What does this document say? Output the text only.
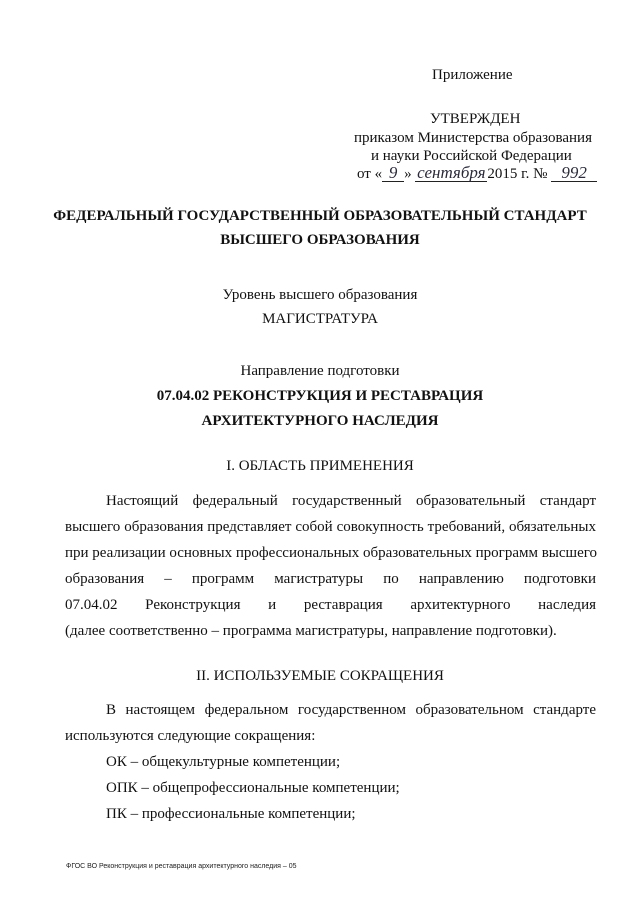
Приложение
УТВЕРЖДЕН
приказом Министерства образования
и науки Российской Федерации
от « 9 » сентября 2015 г. № 992
ФЕДЕРАЛЬНЫЙ ГОСУДАРСТВЕННЫЙ ОБРАЗОВАТЕЛЬНЫЙ СТАНДАРТ
ВЫСШЕГО ОБРАЗОВАНИЯ
Уровень высшего образования
МАГИСТРАТУРА
Направление подготовки
07.04.02 РЕКОНСТРУКЦИЯ И РЕСТАВРАЦИЯ
АРХИТЕКТУРНОГО НАСЛЕДИЯ
I. ОБЛАСТЬ ПРИМЕНЕНИЯ
Настоящий федеральный государственный образовательный стандарт
высшего образования представляет собой совокупность требований, обязательных
при реализации основных профессиональных образовательных программ высшего
образования – программ магистратуры по направлению подготовки
07.04.02 Реконструкция и реставрация архитектурного наследия
(далее соответственно – программа магистратуры, направление подготовки).
II. ИСПОЛЬЗУЕМЫЕ СОКРАЩЕНИЯ
В настоящем федеральном государственном образовательном стандарте
используются следующие сокращения:
ОК – общекультурные компетенции;
ОПК – общепрофессиональные компетенции;
ПК – профессиональные компетенции;
ФГОС ВО Реконструкция и реставрация архитектурного наследия – 05
